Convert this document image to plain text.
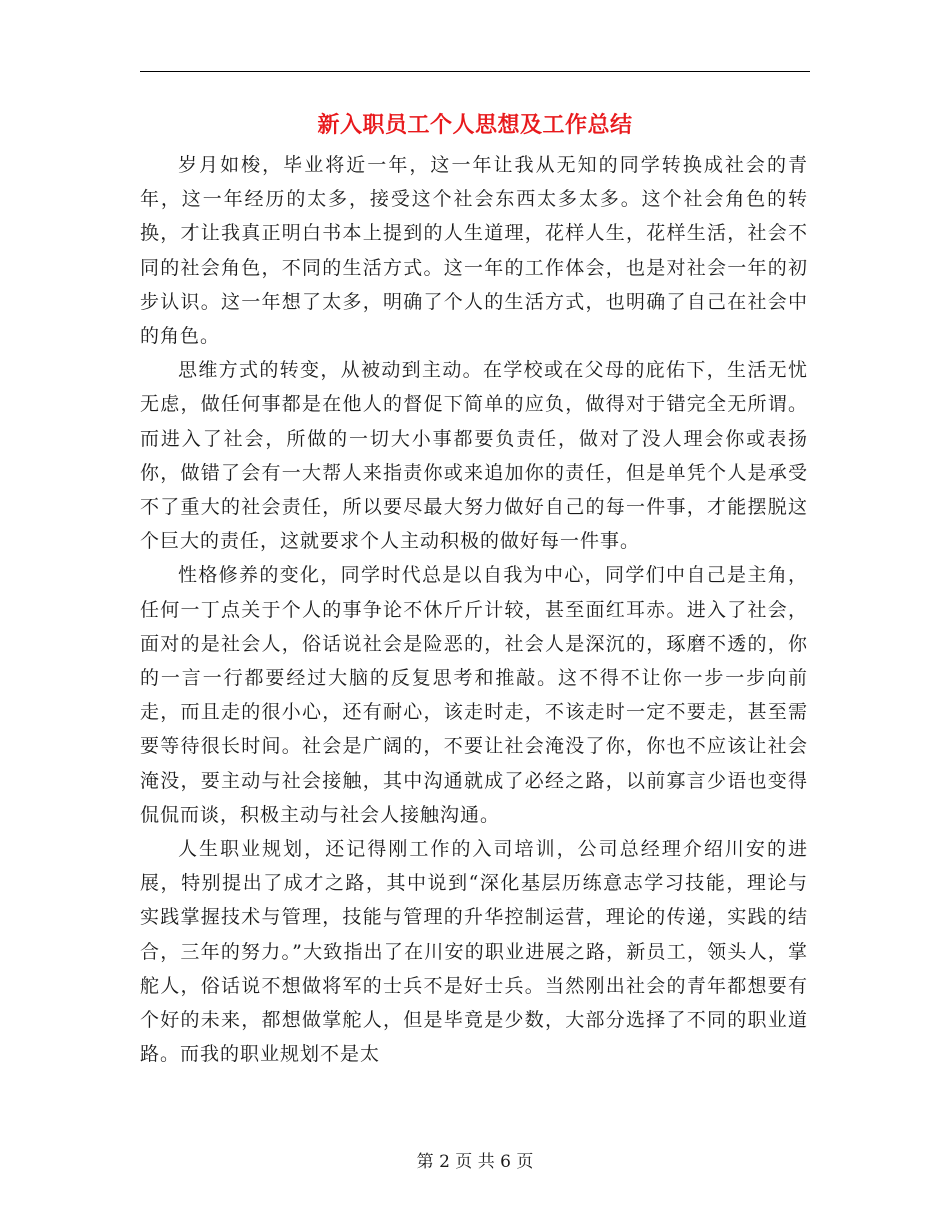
新入职员工个人思想及工作总结

岁月如梭，毕业将近一年，这一年让我从无知的同学转换成社会的青年，这一年经历的太多，接受这个社会东西太多太多。这个社会角色的转换，才让我真正明白书本上提到的人生道理，花样人生，花样生活，社会不同的社会角色，不同的生活方式。这一年的工作体会，也是对社会一年的初步认识。这一年想了太多，明确了个人的生活方式，也明确了自己在社会中的角色。

思维方式的转变，从被动到主动。在学校或在父母的庇佑下，生活无忧无虑，做任何事都是在他人的督促下简单的应负，做得对于错完全无所谓。而进入了社会，所做的一切大小事都要负责任，做对了没人理会你或表扬你，做错了会有一大帮人来指责你或来追加你的责任，但是单凭个人是承受不了重大的社会责任，所以要尽最大努力做好自己的每一件事，才能摆脱这个巨大的责任，这就要求个人主动积极的做好每一件事。

性格修养的变化，同学时代总是以自我为中心，同学们中自己是主角，任何一丁点关于个人的事争论不休斤斤计较，甚至面红耳赤。进入了社会，面对的是社会人，俗话说社会是险恶的，社会人是深沉的，琢磨不透的，你的一言一行都要经过大脑的反复思考和推敲。这不得不让你一步一步向前走，而且走的很小心，还有耐心，该走时走，不该走时一定不要走，甚至需要等待很长时间。社会是广阔的，不要让社会淹没了你，你也不应该让社会淹没，要主动与社会接触，其中沟通就成了必经之路，以前寡言少语也变得侃侃而谈，积极主动与社会人接触沟通。

人生职业规划，还记得刚工作的入司培训，公司总经理介绍川安的进展，特别提出了成才之路，其中说到“深化基层历练意志学习技能，理论与实践掌握技术与管理，技能与管理的升华控制运营，理论的传递，实践的结合，三年的努力。”大致指出了在川安的职业进展之路，新员工，领头人，掌舵人，俗话说不想做将军的士兵不是好士兵。当然刚出社会的青年都想要有个好的未来，都想做掌舵人，但是毕竟是少数，大部分选择了不同的职业道路。而我的职业规划不是太

第 2 页 共 6 页
